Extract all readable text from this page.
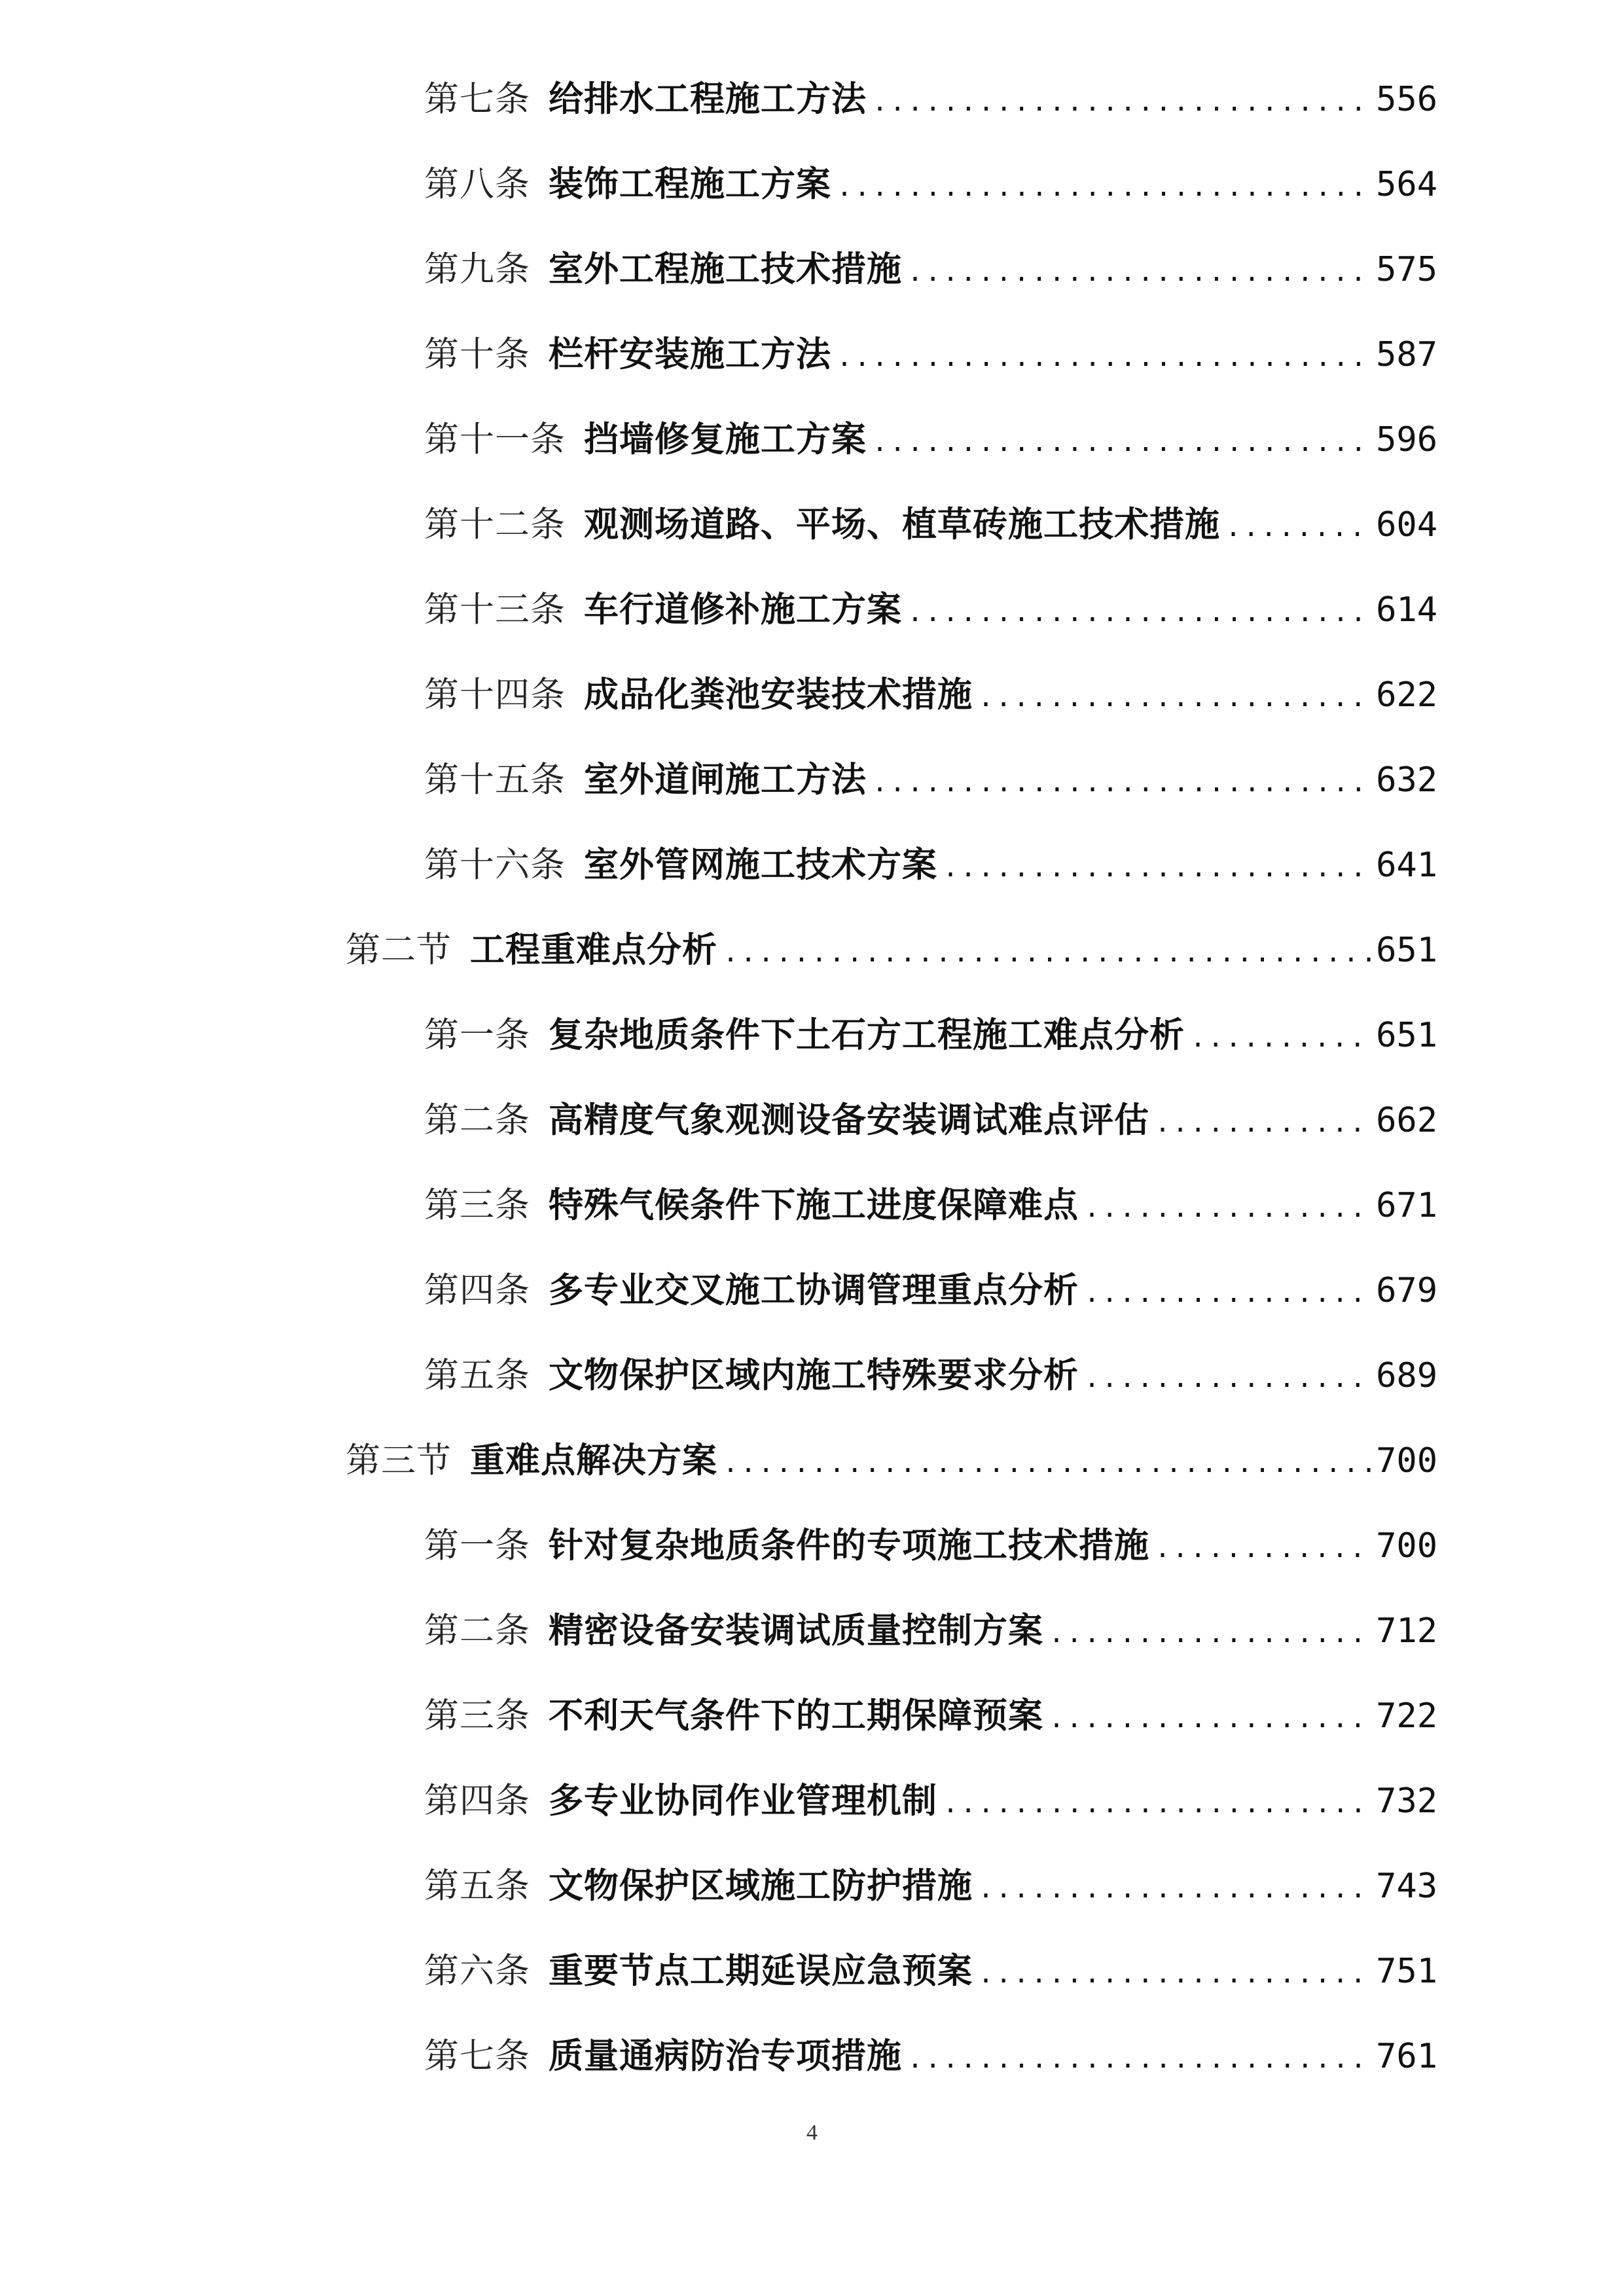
第七条 给排水工程施工方法 .....	556
第八条 装饰工程施工方案 .....	564
第九条 室外工程施工技术措施 .....	575
第十条 栏杆安装施工方法 .....	587
第十一条 挡墙修复施工方案 .....	596
第十二条 观测场道路、平场、植草砖施工技术措施 .....	604
第十三条 车行道修补施工方案 .....	614
第十四条 成品化粪池安装技术措施 .....	622
第十五条 室外道闸施工方法 .....	632
第十六条 室外管网施工技术方案 .....	641
第二节 工程重难点分析 .....	651
第一条 复杂地质条件下土石方工程施工难点分析 .....	651
第二条 高精度气象观测设备安装调试难点评估 .....	662
第三条 特殊气候条件下施工进度保障难点 .....	671
第四条 多专业交叉施工协调管理重点分析 .....	679
第五条 文物保护区域内施工特殊要求分析 .....	689
第三节 重难点解决方案 .....	700
第一条 针对复杂地质条件的专项施工技术措施 .....	700
第二条 精密设备安装调试质量控制方案 .....	712
第三条 不利天气条件下的工期保障预案 .....	722
第四条 多专业协同作业管理机制 .....	732
第五条 文物保护区域施工防护措施 .....	743
第六条 重要节点工期延误应急预案 .....	751
第七条 质量通病防治专项措施 .....	761
4
